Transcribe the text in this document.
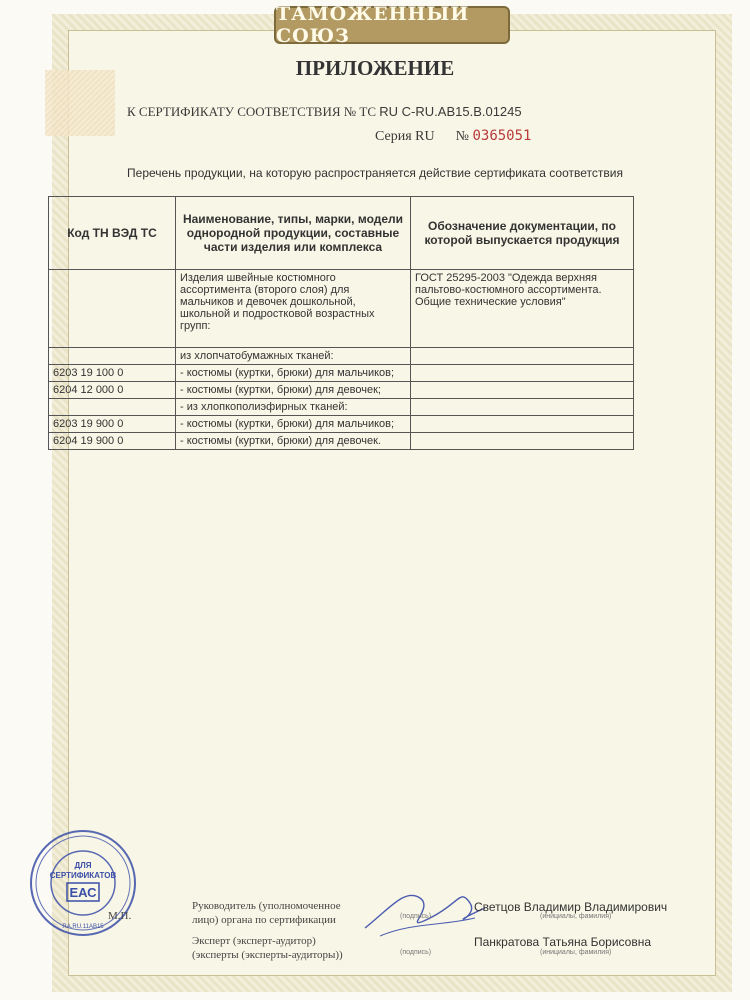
ТАМОЖЕННЫЙ СОЮЗ
ПРИЛОЖЕНИЕ
К СЕРТИФИКАТУ СООТВЕТСТВИЯ № ТС RU C-RU.АВ15.В.01245
Серия RU № 0365051
Перечень продукции, на которую распространяется действие сертификата соответствия
Код ТН ВЭД ТС	Наименование, типы, марки, модели однородной продукции, составные части изделия или комплекса	Обозначение документации, по которой выпускается продукция
	Изделия швейные костюмного ассортимента (второго слоя) для мальчиков и девочек дошкольной, школьной и подростковой возрастных групп:	ГОСТ 25295-2003 "Одежда верхняя пальтово-костюмного ассортимента. Общие технические условия"
	из хлопчатобумажных тканей:	
6203 19 100 0	- костюмы (куртки, брюки) для мальчиков;	
6204 12 000 0	- костюмы (куртки, брюки) для девочек;	
	- из хлопкополиэфирных тканей:	
6203 19 900 0	- костюмы (куртки, брюки) для мальчиков;	
6204 19 900 0	- костюмы (куртки, брюки) для девочек.	
ДЛЯ
СЕРТИФИКАТОВ
ЕАС
RA.RU.11АВ15
Руководитель (уполномоченное
лицо) органа по сертификации
М.П.
Эксперт (эксперт-аудитор)
(эксперты (эксперты-аудиторы))
(подпись)
(подпись)
(инициалы, фамилия)
(инициалы, фамилия)
Светцов Владимир Владимирович
Панкратова Татьяна Борисовна
